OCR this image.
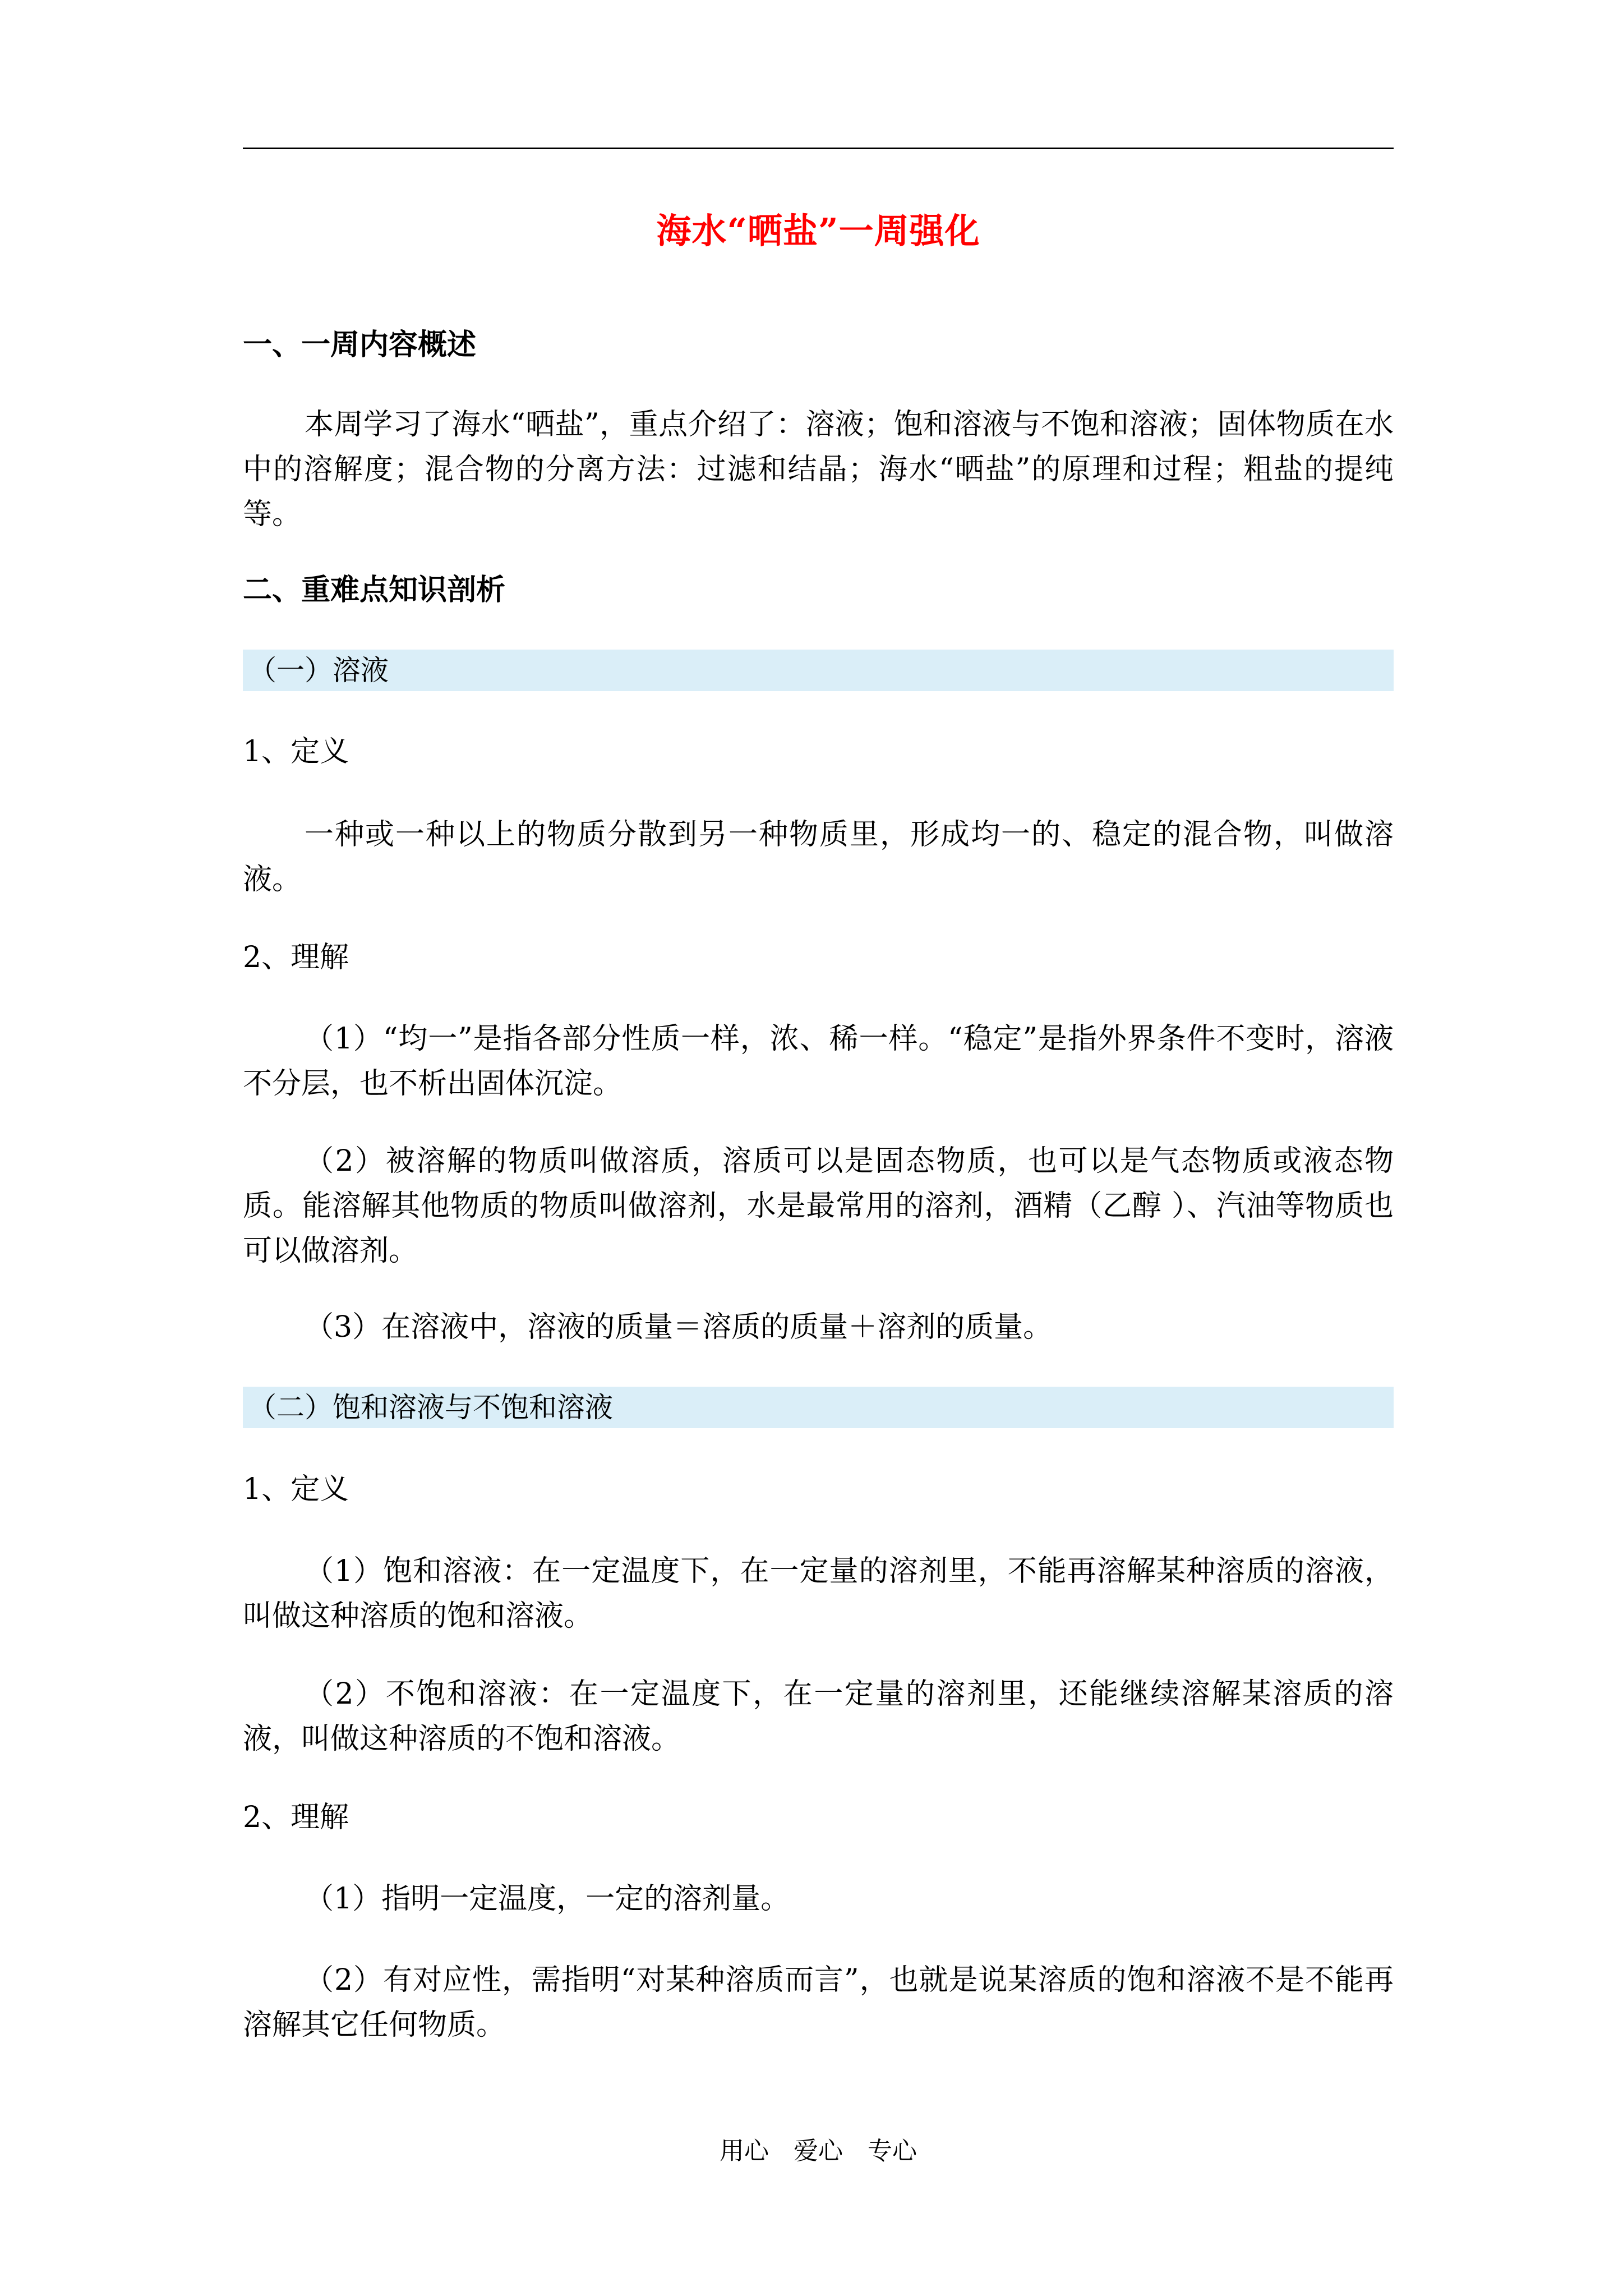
海水“晒盐”一周强化
一、一周内容概述
本周学习了海水“晒盐”，重点介绍了：溶液；饱和溶液与不饱和溶液；固体物质在水中的溶解度；混合物的分离方法：过滤和结晶；海水“晒盐”的原理和过程；粗盐的提纯等。
二、重难点知识剖析
（一）溶液
1、定义
一种或一种以上的物质分散到另一种物质里，形成均一的、稳定的混合物，叫做溶液。
2、理解
（1）“均一”是指各部分性质一样，浓、稀一样。“稳定”是指外界条件不变时，溶液不分层，也不析出固体沉淀。
（2）被溶解的物质叫做溶质，溶质可以是固态物质，也可以是气态物质或液态物质。能溶解其他物质的物质叫做溶剂，水是最常用的溶剂，酒精（乙醇 ）、汽油等物质也可以做溶剂。
（3）在溶液中，溶液的质量＝溶质的质量＋溶剂的质量。
（二）饱和溶液与不饱和溶液
1、定义
（1）饱和溶液：在一定温度下，在一定量的溶剂里，不能再溶解某种溶质的溶液，叫做这种溶质的饱和溶液。
（2）不饱和溶液：在一定温度下，在一定量的溶剂里，还能继续溶解某溶质的溶液，叫做这种溶质的不饱和溶液。
2、理解
（1）指明一定温度，一定的溶剂量。
（2）有对应性，需指明“对某种溶质而言”，也就是说某溶质的饱和溶液不是不能再溶解其它任何物质。
用心　爱心　专心
